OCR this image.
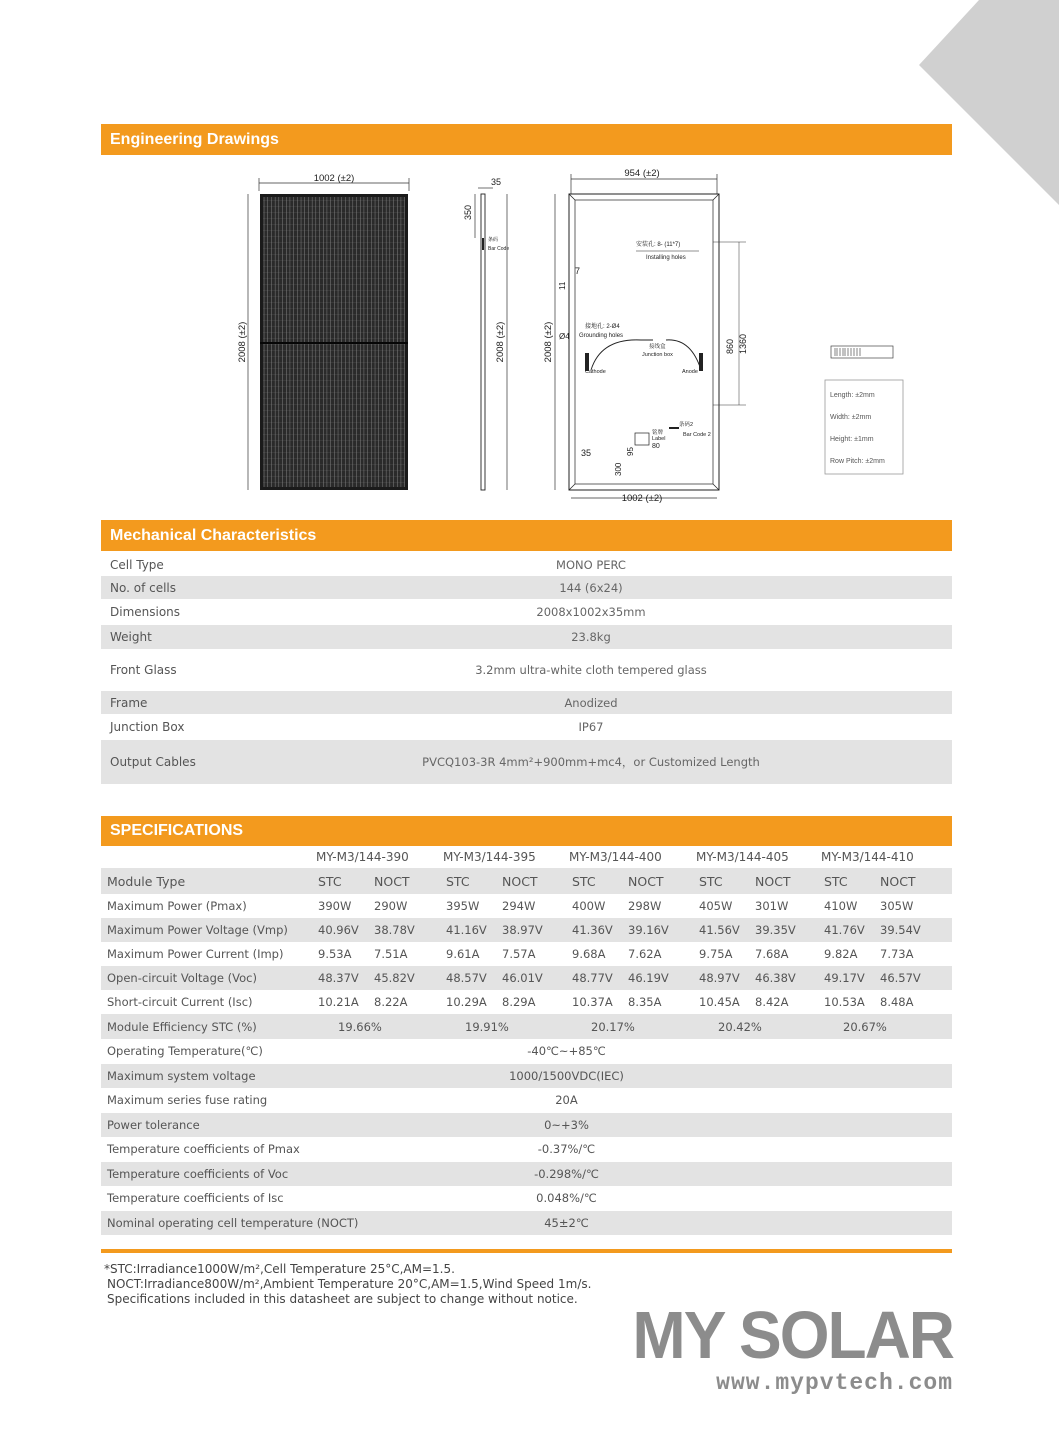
Engineering Drawings
1002 (±2)
2008 (±2)
35
350
条码
Bar Code
2008 (±2)
954 (±2)
2008 (±2)
1002 (±2)
安装孔: 8- (11*7)
Installing holes
接地孔: 2-Ø4
Grounding holes
接线盒
Junction box
Cathode	Anode
条码2
Bar Code 2
铭牌
Label
7
11
Ø4
860 1360
35
300
95
80
Length: ±2mm
Width: ±2mm
Height: ±1mm
Row Pitch: ±2mm
Mechanical Characteristics
Cell Type	MONO PERC
No. of cells	144 (6x24)
Dimensions	2008x1002x35mm
Weight	23.8kg
Front Glass	3.2mm ultra-white cloth tempered glass
Frame	Anodized
Junction Box	IP67
Output Cables	PVCQ103-3R 4mm²+900mm+mc4，or Customized Length
SPECIFICATIONS
MY-M3/144-390	MY-M3/144-395	MY-M3/144-400	MY-M3/144-405	MY-M3/144-410
Module Type	STC	NOCT	STC	NOCT	STC	NOCT	STC	NOCT	STC	NOCT
Maximum Power (Pmax)	390W	290W	395W	294W	400W	298W	405W	301W	410W	305W
Maximum Power Voltage (Vmp)	40.96V	38.78V	41.16V	38.97V	41.36V	39.16V	41.56V	39.35V	41.76V	39.54V
Maximum Power Current (Imp)	9.53A	7.51A	9.61A	7.57A	9.68A	7.62A	9.75A	7.68A	9.82A	7.73A
Open-circuit Voltage (Voc)	48.37V	45.82V	48.57V	46.01V	48.77V	46.19V	48.97V	46.38V	49.17V	46.57V
Short-circuit Current (Isc)	10.21A	8.22A	10.29A	8.29A	10.37A	8.35A	10.45A	8.42A	10.53A	8.48A
Module Efficiency STC (%)	19.66%	19.91%	20.17%	20.42%	20.67%
Operating Temperature(℃)	-40℃~+85℃
Maximum system voltage	1000/1500VDC(IEC)
Maximum series fuse rating	20A
Power tolerance	0~+3%
Temperature coefficients of Pmax	-0.37%/℃
Temperature coefficients of Voc	-0.298%/℃
Temperature coefficients of Isc	0.048%/℃
Nominal operating cell temperature (NOCT)	45±2℃
*STC:Irradiance1000W/m²,Cell Temperature 25°C,AM=1.5.
NOCT:Irradiance800W/m²,Ambient Temperature 20°C,AM=1.5,Wind Speed 1m/s.
Specifications included in this datasheet are subject to change without notice. MY SOLAR
www.mypvtech.com
